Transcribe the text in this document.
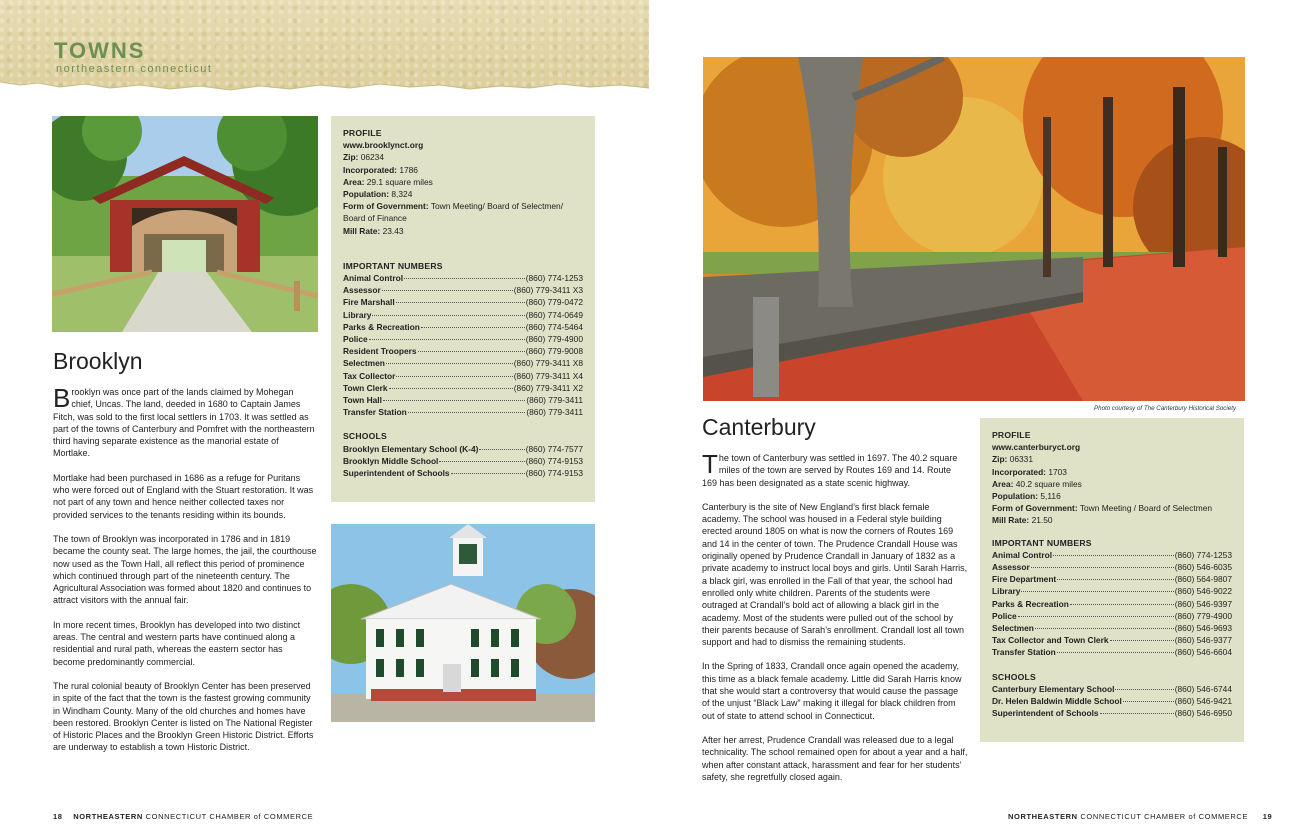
TOWNS
northeastern connecticut
Brooklyn

Brooklyn was once part of the lands claimed by Mohegan chief, Uncas. The land, deeded in 1680 to Captain James Fitch, was sold to the first local settlers in 1703. It was settled as part of the towns of Canterbury and Pomfret with the northeastern third having separate existence as the manorial estate of Mortlake.

Mortlake had been purchased in 1686 as a refuge for Puritans who were forced out of England with the Stuart restoration. It was not part of any town and hence neither collected taxes nor provided services to the tenants residing within its bounds.

The town of Brooklyn was incorporated in 1786 and in 1819 became the county seat. The large homes, the jail, the courthouse now used as the Town Hall, all reflect this period of prominence which continued through part of the nineteenth century. The Agricultural Association was formed about 1820 and continues to attract visitors with the annual fair.

In more recent times, Brooklyn has developed into two distinct areas. The central and western parts have continued along a residential and rural path, whereas the eastern sector has become predominantly commercial.

The rural colonial beauty of Brooklyn Center has been preserved in spite of the fact that the town is the fastest growing community in Windham County. Many of the old churches and homes have been restored. Brooklyn Center is listed on The National Register of Historic Places and the Brooklyn Green Historic District. Efforts are underway to establish a town Historic District.

PROFILE
www.brooklynct.org
Zip: 06234
Incorporated: 1786
Area: 29.1 square miles
Population: 8,324
Form of Government: Town Meeting/ Board of Selectmen/ Board of Finance
Mill Rate: 23.43
IMPORTANT NUMBERS
Animal Control	(860) 774-1253
Assessor	(860) 779-3411 X3
Fire Marshall	(860) 779-0472
Library	(860) 774-0649
Parks & Recreation	(860) 774-5464
Police	(860) 779-4900
Resident Troopers	(860) 779-9008
Selectmen	(860) 779-3411 X8
Tax Collector	(860) 779-3411 X4
Town Clerk	(860) 779-3411 X2
Town Hall	(860) 779-3411
Transfer Station	(860) 779-3411
SCHOOLS
Brooklyn Elementary School (K-4)	(860) 774-7577
Brooklyn Middle School	(860) 774-9153
Superintendent of Schools	(860) 774-9153
18 NORTHEASTERN CONNECTICUT CHAMBER of COMMERCE
Photo courtesy of The Canterbury Historical Society
Canterbury

The town of Canterbury was settled in 1697. The 40.2 square miles of the town are served by Routes 169 and 14. Route 169 has been designated as a state scenic highway.

Canterbury is the site of New England’s first black female academy. The school was housed in a Federal style building erected around 1805 on what is now the corners of Routes 169 and 14 in the center of town. The Prudence Crandall House was originally opened by Prudence Crandall in January of 1832 as a private academy to instruct local boys and girls. Until Sarah Harris, a black girl, was enrolled in the Fall of that year, the school had enrolled only white children. Parents of the students were outraged at Crandall’s bold act of allowing a black girl in the academy. Most of the students were pulled out of the school by their parents because of Sarah’s enrollment. Crandall lost all town support and had to dismiss the remaining students.

In the Spring of 1833, Crandall once again opened the academy, this time as a black female academy. Little did Sarah Harris know that she would start a controversy that would cause the passage of the unjust “Black Law” making it illegal for black children from out of state to attend school in Connecticut.

After her arrest, Prudence Crandall was released due to a legal technicality. The school remained open for about a year and a half, when after constant attack, harassment and fear for her students’ safety, she regretfully closed again.

PROFILE
www.canterburyct.org
Zip: 06331
Incorporated: 1703
Area: 40.2 square miles
Population: 5,116
Form of Government: Town Meeting / Board of Selectmen
Mill Rate: 21.50
IMPORTANT NUMBERS
Animal Control	(860) 774-1253
Assessor	(860) 546-6035
Fire Department	(860) 564-9807
Library	(860) 546-9022
Parks & Recreation	(860) 546-9397
Police	(860) 779-4900
Selectmen	(860) 546-9693
Tax Collector and Town Clerk	(860) 546-9377
Transfer Station	(860) 546-6604
SCHOOLS
Canterbury Elementary School	(860) 546-6744
Dr. Helen Baldwin Middle School	(860) 546-9421
Superintendent of Schools	(860) 546-6950
NORTHEASTERN CONNECTICUT CHAMBER of COMMERCE 19
